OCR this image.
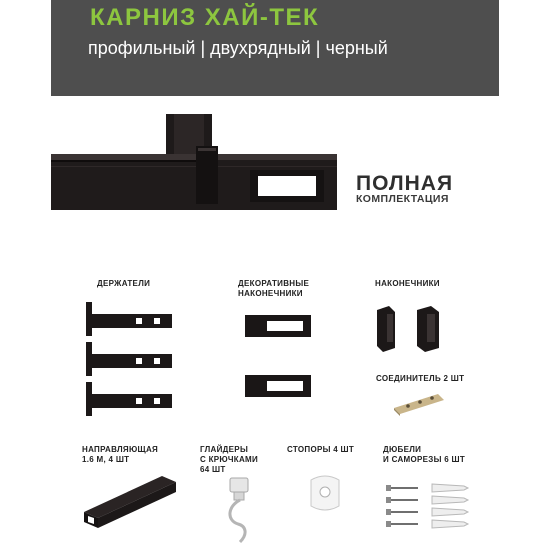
КАРНИЗ ХАЙ-ТЕК
профильный | двухрядный | черный
ПОЛНАЯ
КОМПЛЕКТАЦИЯ
ДЕРЖАТЕЛИ	ДЕКОРАТИВНЫЕ
НАКОНЕЧНИКИ
НАКОНЕЧНИКИ
СОЕДИНИТЕЛЬ 2 ШТ
НАПРАВЛЯЮЩАЯ
1.6 М, 4 ШТ
ГЛАЙДЕРЫ
С КРЮЧКАМИ
64 ШТ
СТОПОРЫ 4 ШТ	ДЮБЕЛИ
И САМОРЕЗЫ 6 ШТ
